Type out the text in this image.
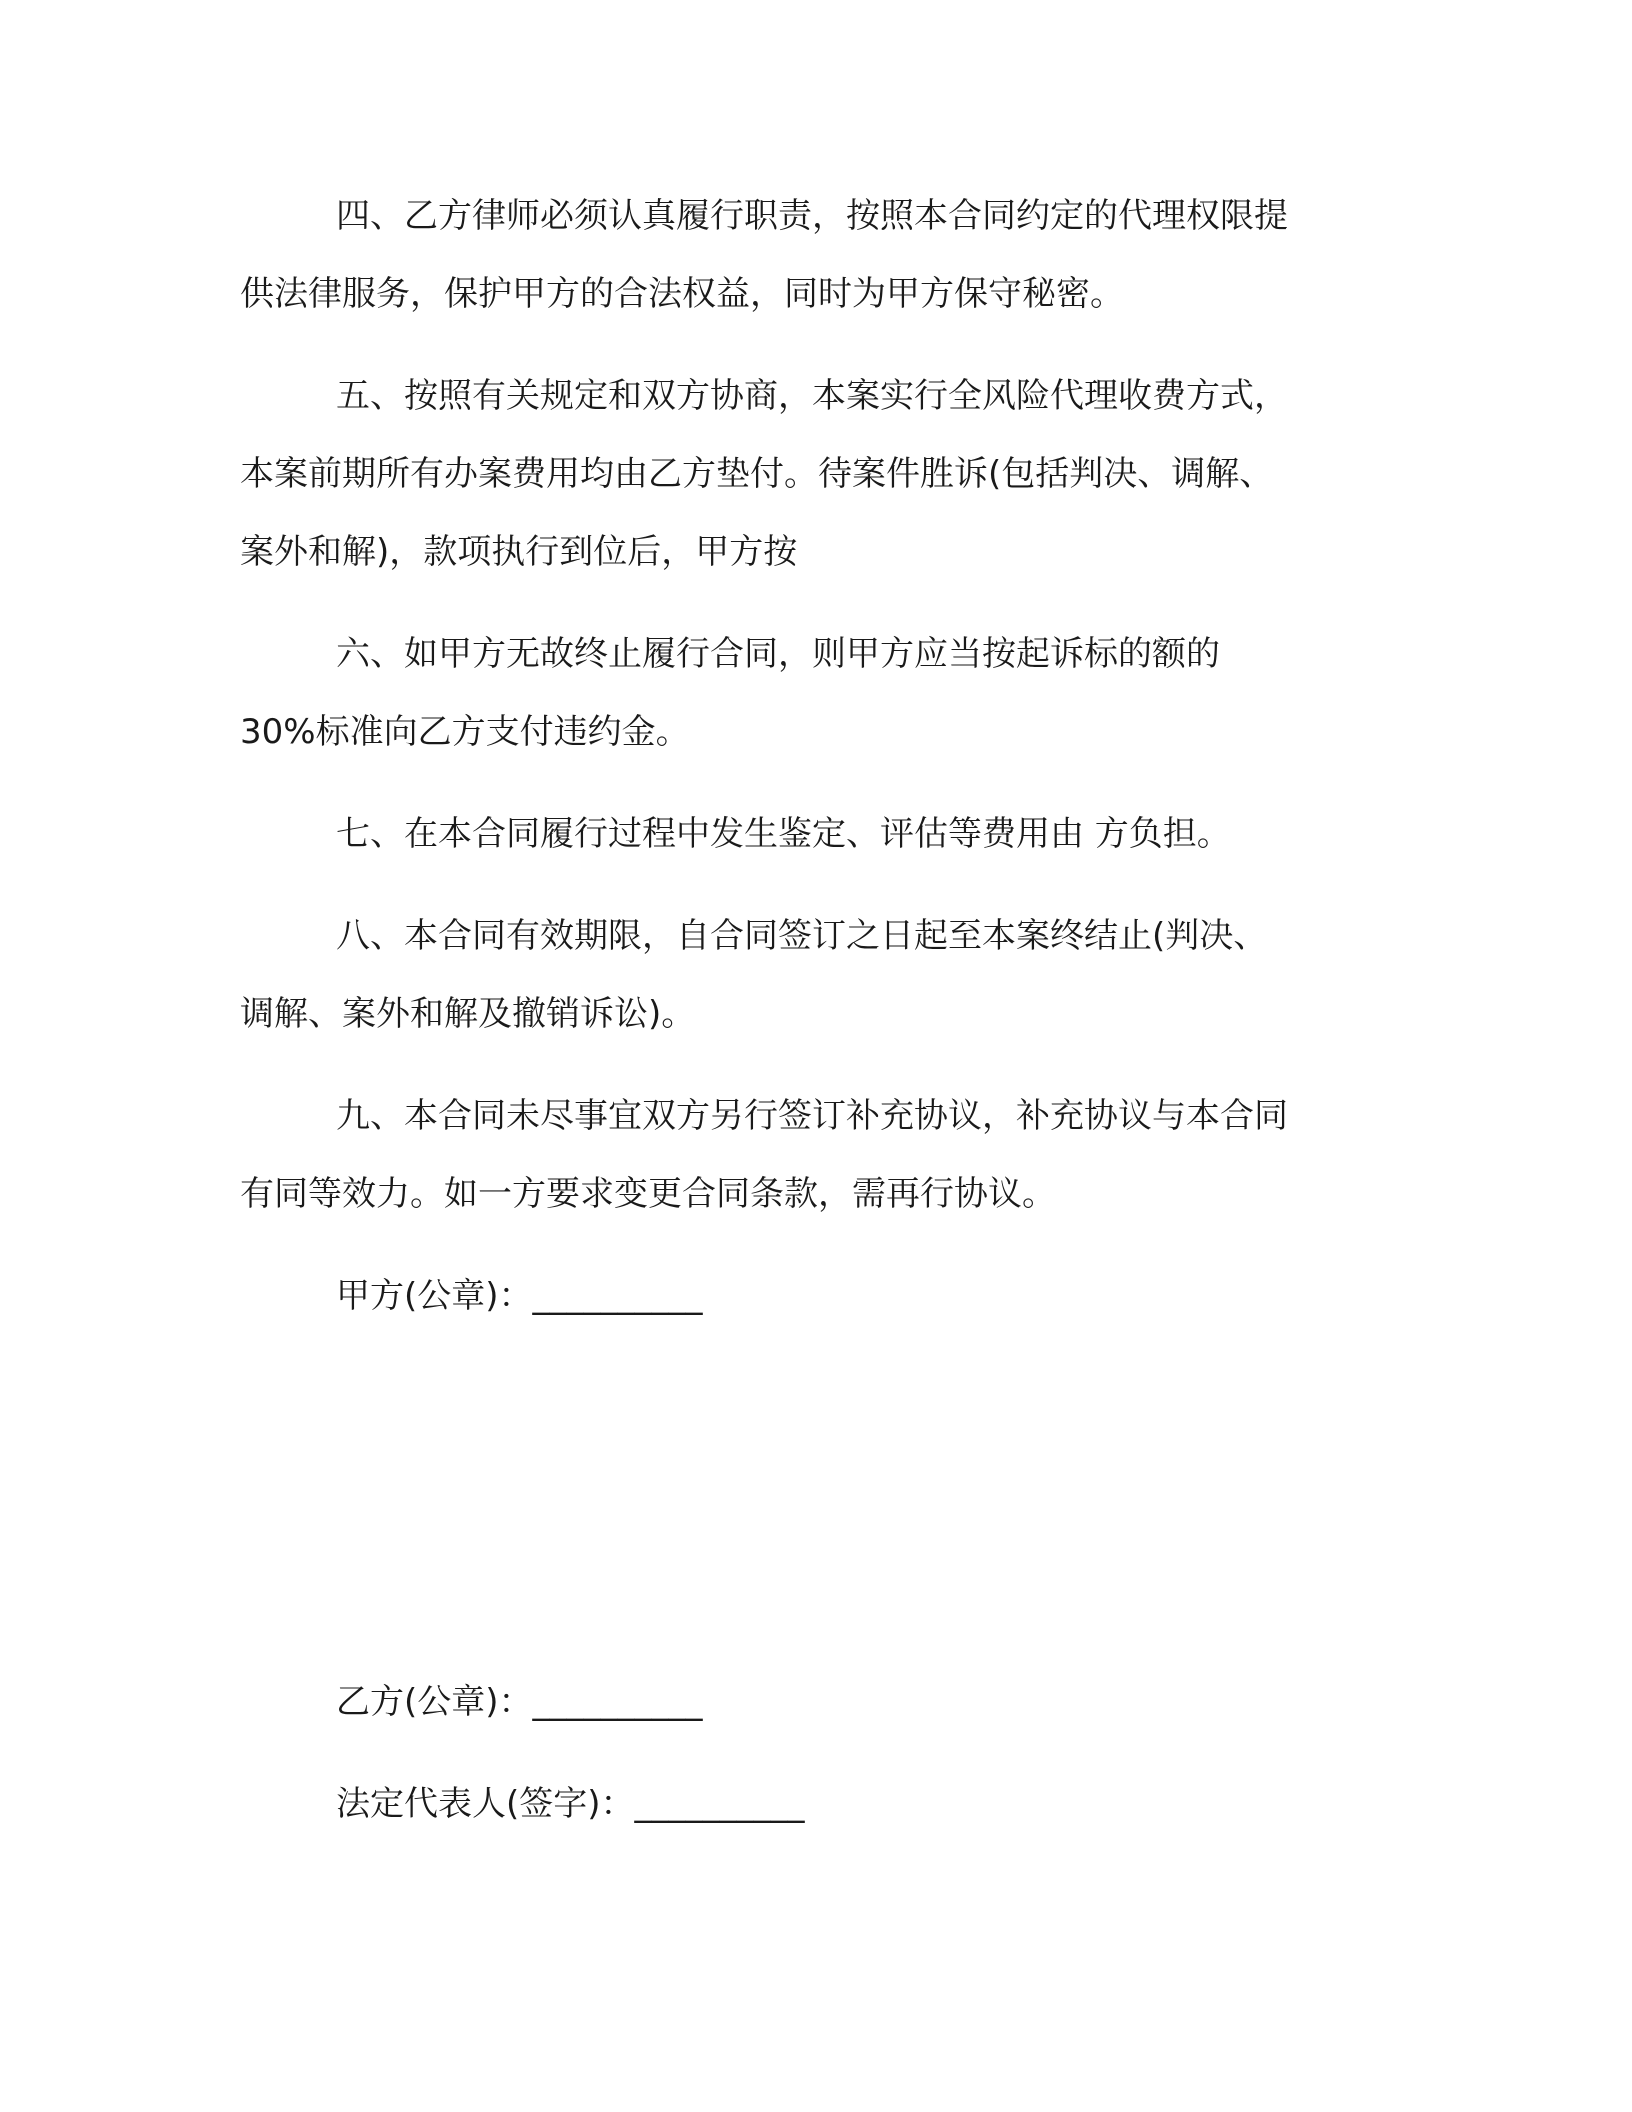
四、乙方律师必须认真履行职责，按照本合同约定的代理权限提
供法律服务，保护甲方的合法权益，同时为甲方保守秘密。
五、按照有关规定和双方协商，本案实行全风险代理收费方式，
本案前期所有办案费用均由乙方垫付。待案件胜诉(包括判决、调解、
案外和解)，款项执行到位后，甲方按
六、如甲方无故终止履行合同，则甲方应当按起诉标的额的
30%标准向乙方支付违约金。
七、在本合同履行过程中发生鉴定、评估等费用由 方负担。
八、本合同有效期限，自合同签订之日起至本案终结止(判决、
调解、案外和解及撤销诉讼)。
九、本合同未尽事宜双方另行签订补充协议，补充协议与本合同
有同等效力。如一方要求变更合同条款，需再行协议。
甲方(公章)：__________
乙方(公章)：__________
法定代表人(签字)：__________
